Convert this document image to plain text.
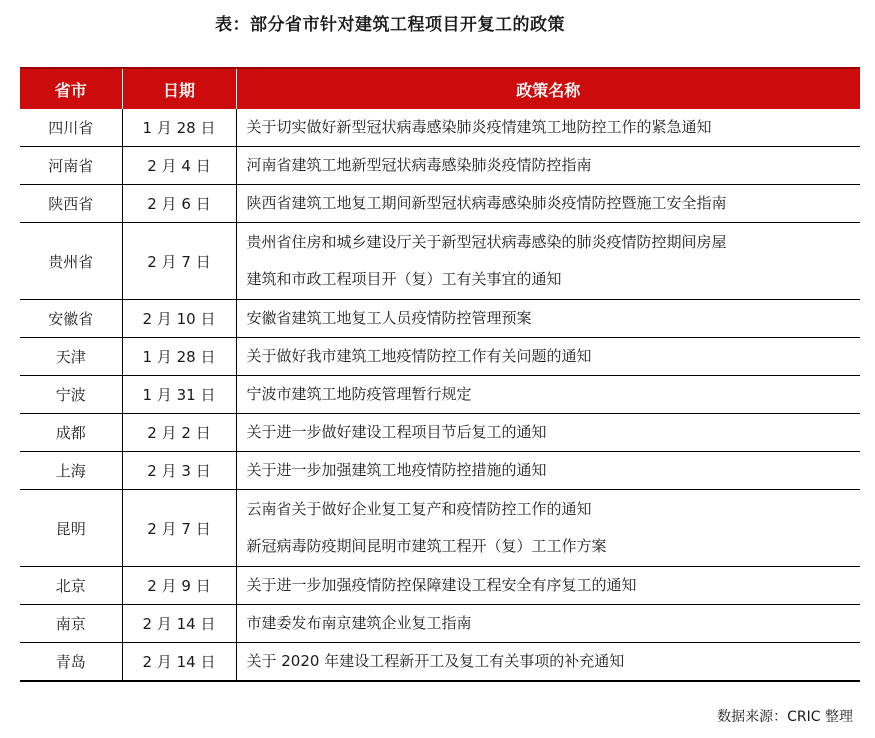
表：部分省市针对建筑工程项目开复工的政策
省市	日期	政策名称
四川省	1 月 28 日	关于切实做好新型冠状病毒感染肺炎疫情建筑工地防控工作的紧急通知

河南省	2 月 4 日	河南省建筑工地新型冠状病毒感染肺炎疫情防控指南

陕西省	2 月 6 日	陕西省建筑工地复工期间新型冠状病毒感染肺炎疫情防控暨施工安全指南

贵州省	2 月 7 日	贵州省住房和城乡建设厅关于新型冠状病毒感染的肺炎疫情防控期间房屋
建筑和市政工程项目开（复）工有关事宜的通知

安徽省	2 月 10 日	安徽省建筑工地复工人员疫情防控管理预案

天津	1 月 28 日	关于做好我市建筑工地疫情防控工作有关问题的通知

宁波	1 月 31 日	宁波市建筑工地防疫管理暂行规定

成都	2 月 2 日	关于进一步做好建设工程项目节后复工的通知

上海	2 月 3 日	关于进一步加强建筑工地疫情防控措施的通知

昆明	2 月 7 日	云南省关于做好企业复工复产和疫情防控工作的通知
新冠病毒防疫期间昆明市建筑工程开（复）工工作方案

北京	2 月 9 日	关于进一步加强疫情防控保障建设工程安全有序复工的通知

南京	2 月 14 日	市建委发布南京建筑企业复工指南

青岛	2 月 14 日	关于 2020 年建设工程新开工及复工有关事项的补充通知
数据来源：CRIC 整理
